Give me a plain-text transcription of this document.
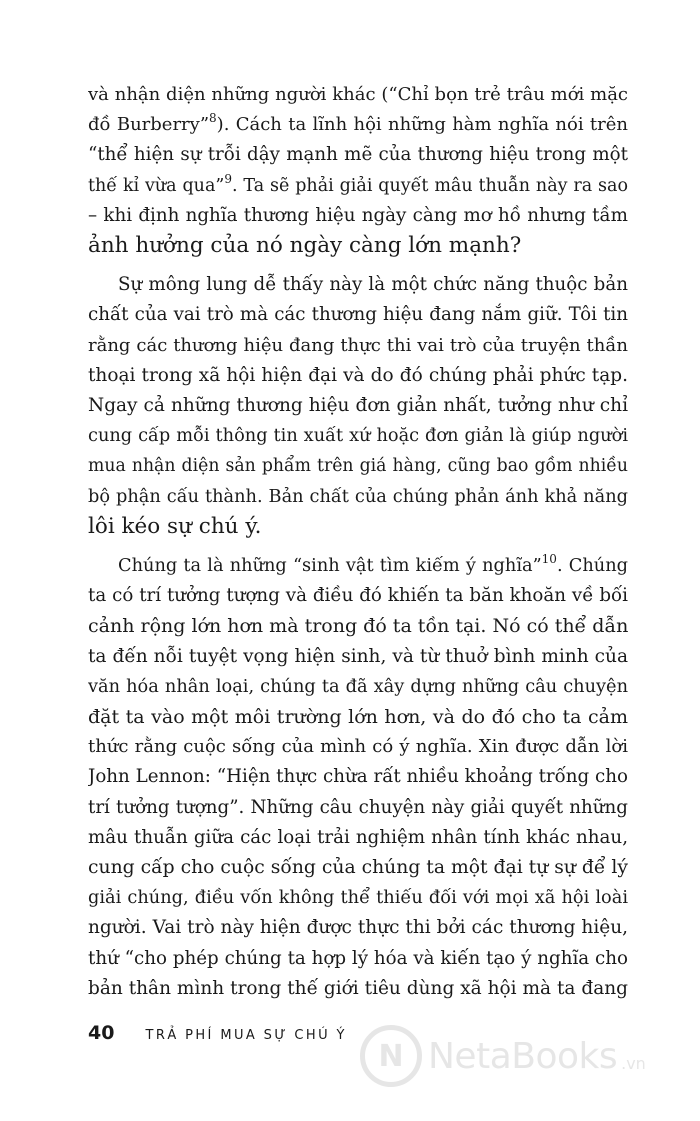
và nhận diện những người khác (“Chỉ bọn trẻ trâu mới mặc
đồ Burberry”$^8$). Cách ta lĩnh hội những hàm nghĩa nói trên
“thể hiện sự trỗi dậy mạnh mẽ của thương hiệu trong một
thế kỉ vừa qua”$^9$. Ta sẽ phải giải quyết mâu thuẫn này ra sao
– khi định nghĩa thương hiệu ngày càng mơ hồ nhưng tầm
ảnh hưởng của nó ngày càng lớn mạnh?

Sự mông lung dễ thấy này là một chức năng thuộc bản
chất của vai trò mà các thương hiệu đang nắm giữ. Tôi tin
rằng các thương hiệu đang thực thi vai trò của truyện thần
thoại trong xã hội hiện đại và do đó chúng phải phức tạp.
Ngay cả những thương hiệu đơn giản nhất, tưởng như chỉ
cung cấp mỗi thông tin xuất xứ hoặc đơn giản là giúp người
mua nhận diện sản phẩm trên giá hàng, cũng bao gồm nhiều
bộ phận cấu thành. Bản chất của chúng phản ánh khả năng
lôi kéo sự chú ý.

Chúng ta là những “sinh vật tìm kiếm ý nghĩa”$^{10}$. Chúng
ta có trí tưởng tượng và điều đó khiến ta băn khoăn về bối
cảnh rộng lớn hơn mà trong đó ta tồn tại. Nó có thể dẫn
ta đến nỗi tuyệt vọng hiện sinh, và từ thuở bình minh của
văn hóa nhân loại, chúng ta đã xây dựng những câu chuyện
đặt ta vào một môi trường lớn hơn, và do đó cho ta cảm
thức rằng cuộc sống của mình có ý nghĩa. Xin được dẫn lời
John Lennon: “Hiện thực chừa rất nhiều khoảng trống cho
trí tưởng tượng”. Những câu chuyện này giải quyết những
mâu thuẫn giữa các loại trải nghiệm nhân tính khác nhau,
cung cấp cho cuộc sống của chúng ta một đại tự sự để lý
giải chúng, điều vốn không thể thiếu đối với mọi xã hội loài
người. Vai trò này hiện được thực thi bởi các thương hiệu,
thứ “cho phép chúng ta hợp lý hóa và kiến tạo ý nghĩa cho
bản thân mình trong thế giới tiêu dùng xã hội mà ta đang

40 TRẢ PHÍ MUA SỰ CHÚ Ý
N NetaBooks .vn
